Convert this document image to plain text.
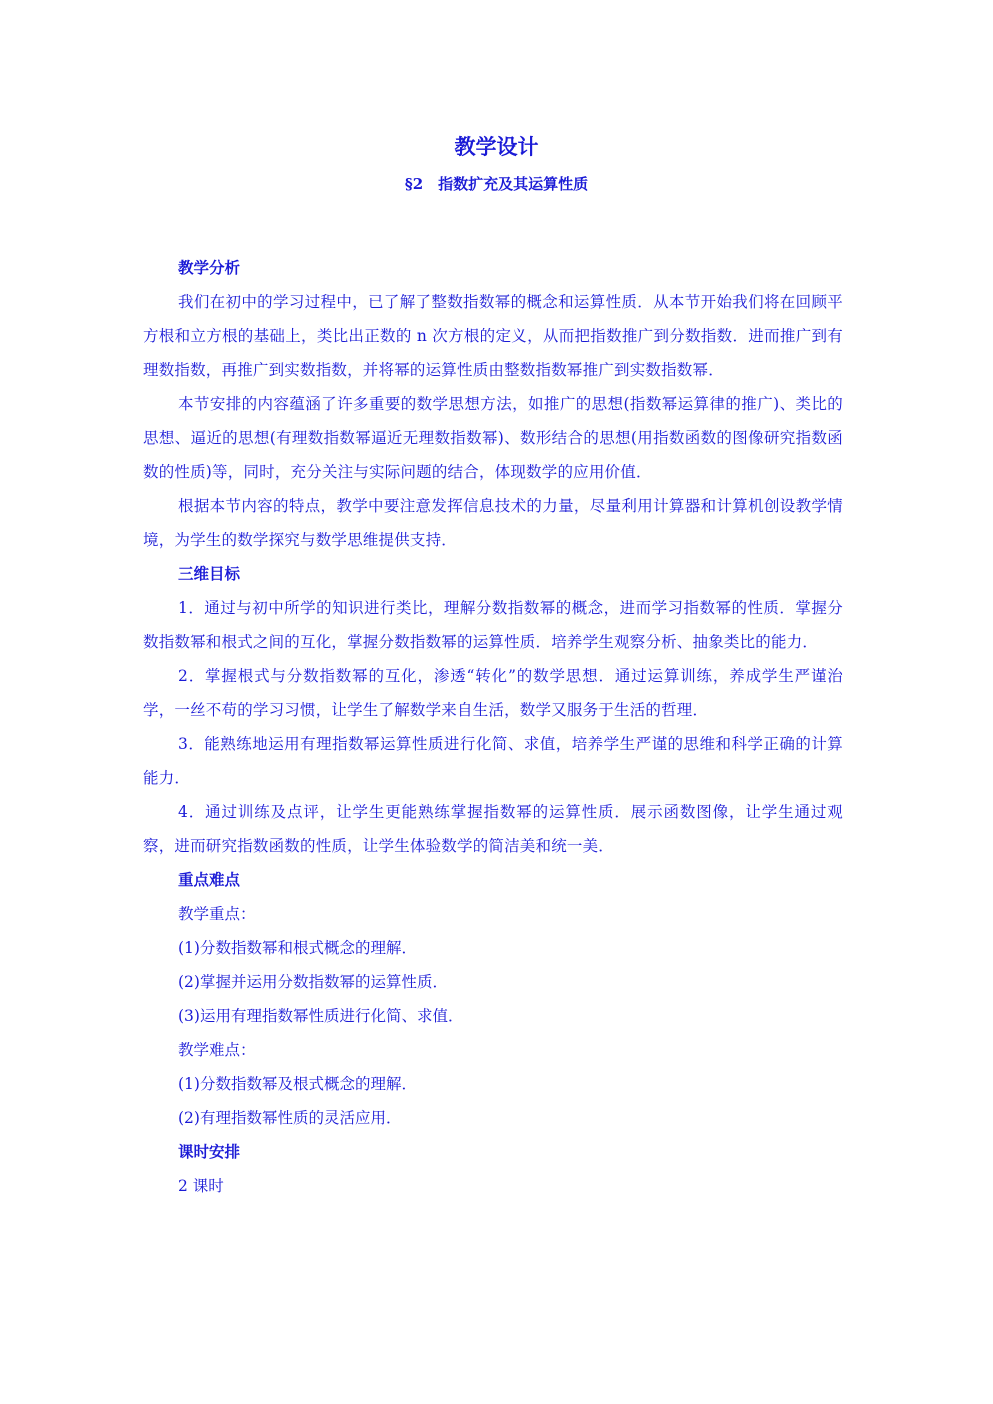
教学设计
§2　指数扩充及其运算性质

教学分析

我们在初中的学习过程中，已了解了整数指数幂的概念和运算性质．从本节开始我们将在回顾平方根和立方根的基础上，类比出正数的 n 次方根的定义，从而把指数推广到分数指数．进而推广到有理数指数，再推广到实数指数，并将幂的运算性质由整数指数幂推广到实数指数幂．

本节安排的内容蕴涵了许多重要的数学思想方法，如推广的思想(指数幂运算律的推广)、类比的思想、逼近的思想(有理数指数幂逼近无理数指数幂)、数形结合的思想(用指数函数的图像研究指数函数的性质)等，同时，充分关注与实际问题的结合，体现数学的应用价值．

根据本节内容的特点，教学中要注意发挥信息技术的力量，尽量利用计算器和计算机创设教学情境，为学生的数学探究与数学思维提供支持．

三维目标

1．通过与初中所学的知识进行类比，理解分数指数幂的概念，进而学习指数幂的性质．掌握分数指数幂和根式之间的互化，掌握分数指数幂的运算性质．培养学生观察分析、抽象类比的能力．

2．掌握根式与分数指数幂的互化，渗透“转化”的数学思想．通过运算训练，养成学生严谨治学，一丝不苟的学习习惯，让学生了解数学来自生活，数学又服务于生活的哲理．

3．能熟练地运用有理指数幂运算性质进行化简、求值，培养学生严谨的思维和科学正确的计算能力．

4．通过训练及点评，让学生更能熟练掌握指数幂的运算性质．展示函数图像，让学生通过观察，进而研究指数函数的性质，让学生体验数学的简洁美和统一美．

重点难点

教学重点：

(1)分数指数幂和根式概念的理解．

(2)掌握并运用分数指数幂的运算性质．

(3)运用有理指数幂性质进行化简、求值．

教学难点：

(1)分数指数幂及根式概念的理解．

(2)有理指数幂性质的灵活应用．

课时安排

2 课时
